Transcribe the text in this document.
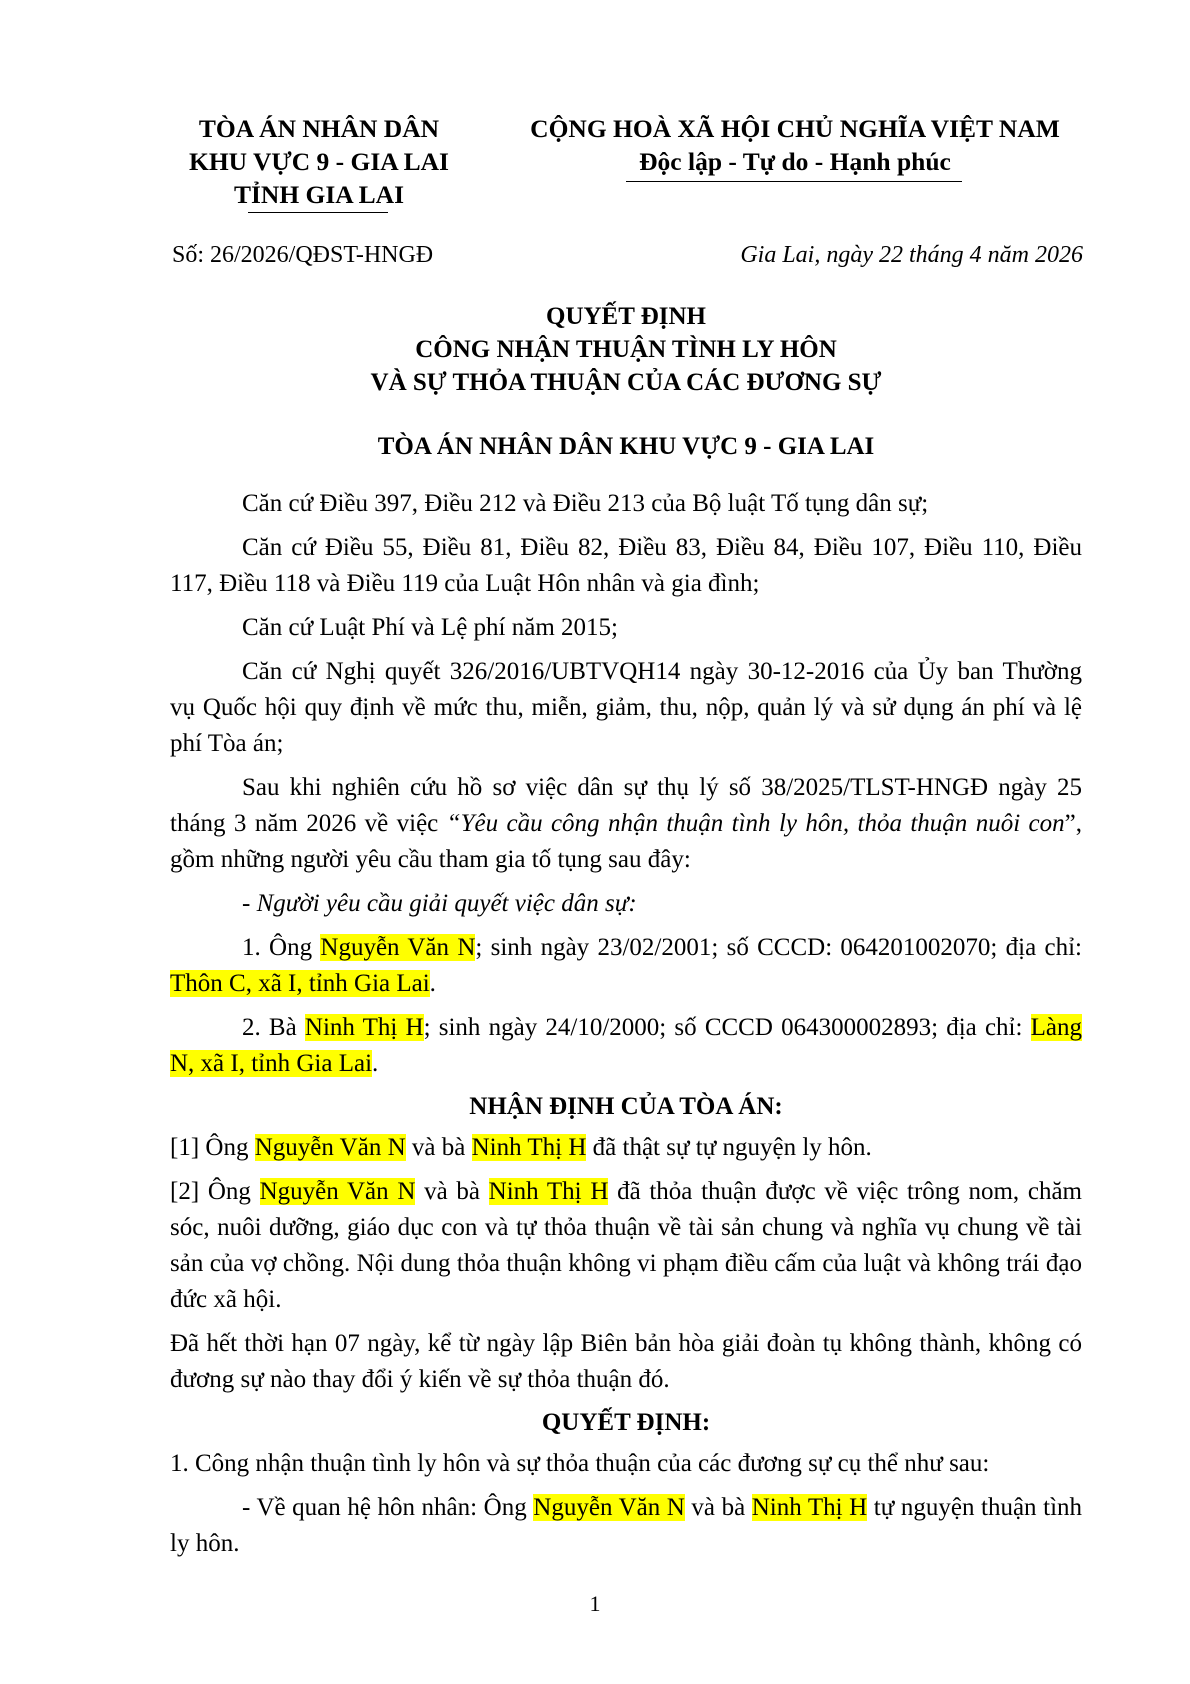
TÒA ÁN NHÂN DÂN
KHU VỰC 9 - GIA LAI
TỈNH GIA LAI
CỘNG HOÀ XÃ HỘI CHỦ NGHĨA VIỆT NAM
Độc lập - Tự do - Hạnh phúc
Số: 26/2026/QĐST-HNGĐ	Gia Lai, ngày 22 tháng 4 năm 2026
QUYẾT ĐỊNH
CÔNG NHẬN THUẬN TÌNH LY HÔN
VÀ SỰ THỎA THUẬN CỦA CÁC ĐƯƠNG SỰ
TÒA ÁN NHÂN DÂN KHU VỰC 9 - GIA LAI

Căn cứ Điều 397, Điều 212 và Điều 213 của Bộ luật Tố tụng dân sự;

Căn cứ Điều 55, Điều 81, Điều 82, Điều 83, Điều 84, Điều 107, Điều 110, Điều 117, Điều 118 và Điều 119 của Luật Hôn nhân và gia đình;

Căn cứ Luật Phí và Lệ phí năm 2015;

Căn cứ Nghị quyết 326/2016/UBTVQH14 ngày 30-12-2016 của Ủy ban Thường vụ Quốc hội quy định về mức thu, miễn, giảm, thu, nộp, quản lý và sử dụng án phí và lệ phí Tòa án;

Sau khi nghiên cứu hồ sơ việc dân sự thụ lý số 38/2025/TLST-HNGĐ ngày 25 tháng 3 năm 2026 về việc “Yêu cầu công nhận thuận tình ly hôn, thỏa thuận nuôi con”, gồm những người yêu cầu tham gia tố tụng sau đây:

- Người yêu cầu giải quyết việc dân sự:

1. Ông Nguyễn Văn N; sinh ngày 23/02/2001; số CCCD: 064201002070; địa chỉ: Thôn C, xã I, tỉnh Gia Lai.

2. Bà Ninh Thị H; sinh ngày 24/10/2000; số CCCD 064300002893; địa chỉ: Làng N, xã I, tỉnh Gia Lai.

NHẬN ĐỊNH CỦA TÒA ÁN:

[1] Ông Nguyễn Văn N và bà Ninh Thị H đã thật sự tự nguyện ly hôn.

[2] Ông Nguyễn Văn N và bà Ninh Thị H đã thỏa thuận được về việc trông nom, chăm sóc, nuôi dưỡng, giáo dục con và tự thỏa thuận về tài sản chung và nghĩa vụ chung về tài sản của vợ chồng. Nội dung thỏa thuận không vi phạm điều cấm của luật và không trái đạo đức xã hội.

Đã hết thời hạn 07 ngày, kể từ ngày lập Biên bản hòa giải đoàn tụ không thành, không có đương sự nào thay đổi ý kiến về sự thỏa thuận đó.

QUYẾT ĐỊNH:

1. Công nhận thuận tình ly hôn và sự thỏa thuận của các đương sự cụ thể như sau:

- Về quan hệ hôn nhân: Ông Nguyễn Văn N và bà Ninh Thị H tự nguyện thuận tình ly hôn.

1
